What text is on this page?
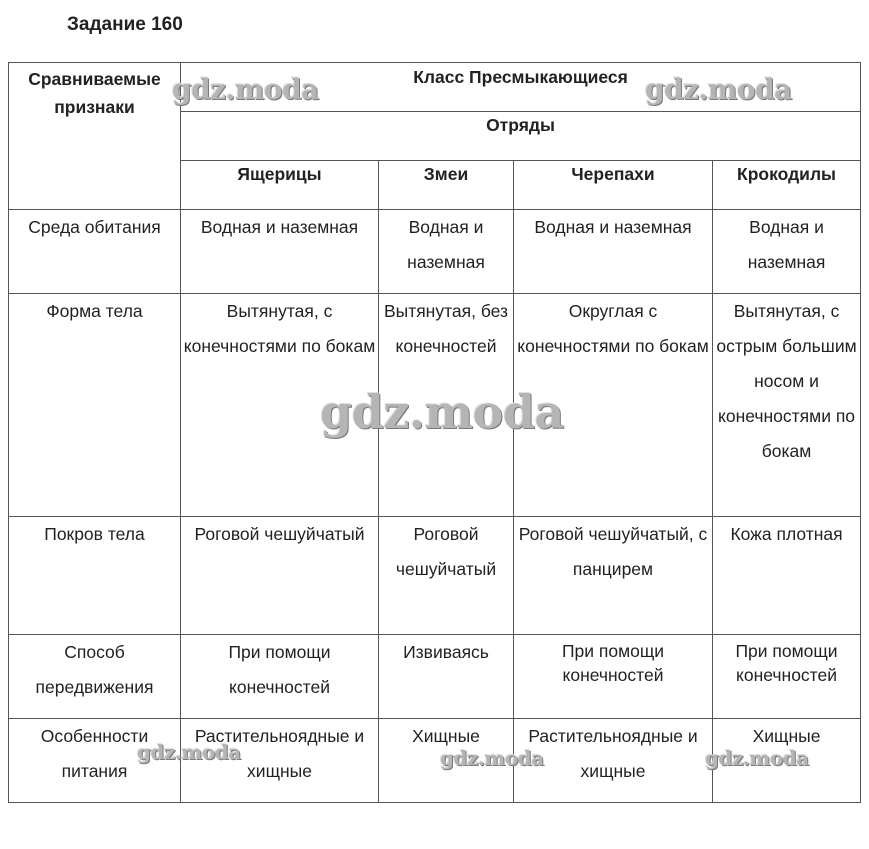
Задание 160
Сравниваемые признаки	Класс Пресмыкающиеся			
	Отряды			
	Ящерицы	Змеи	Черепахи	Крокодилы
Среда обитания	Водная и наземная	Водная и наземная	Водная и наземная	Водная и наземная
Форма тела	Вытянутая, с конечностями по бокам	Вытянутая, без конечностей	Округлая с конечностями по бокам	Вытянутая, с острым большим носом и конечностями по бокам
Покров тела	Роговой чешуйчатый	Роговой чешуйчатый	Роговой чешуйчатый, с панцирем	Кожа плотная
Способ передвижения	При помощи конечностей	Извиваясь	При помощи конечностей	При помощи конечностей
Особенности питания	Растительноядные и хищные	Хищные	Растительноядные и хищные	Хищные
gdz.moda	gdz.moda
gdz.moda
gdz.moda	gdz.moda	gdz.moda
